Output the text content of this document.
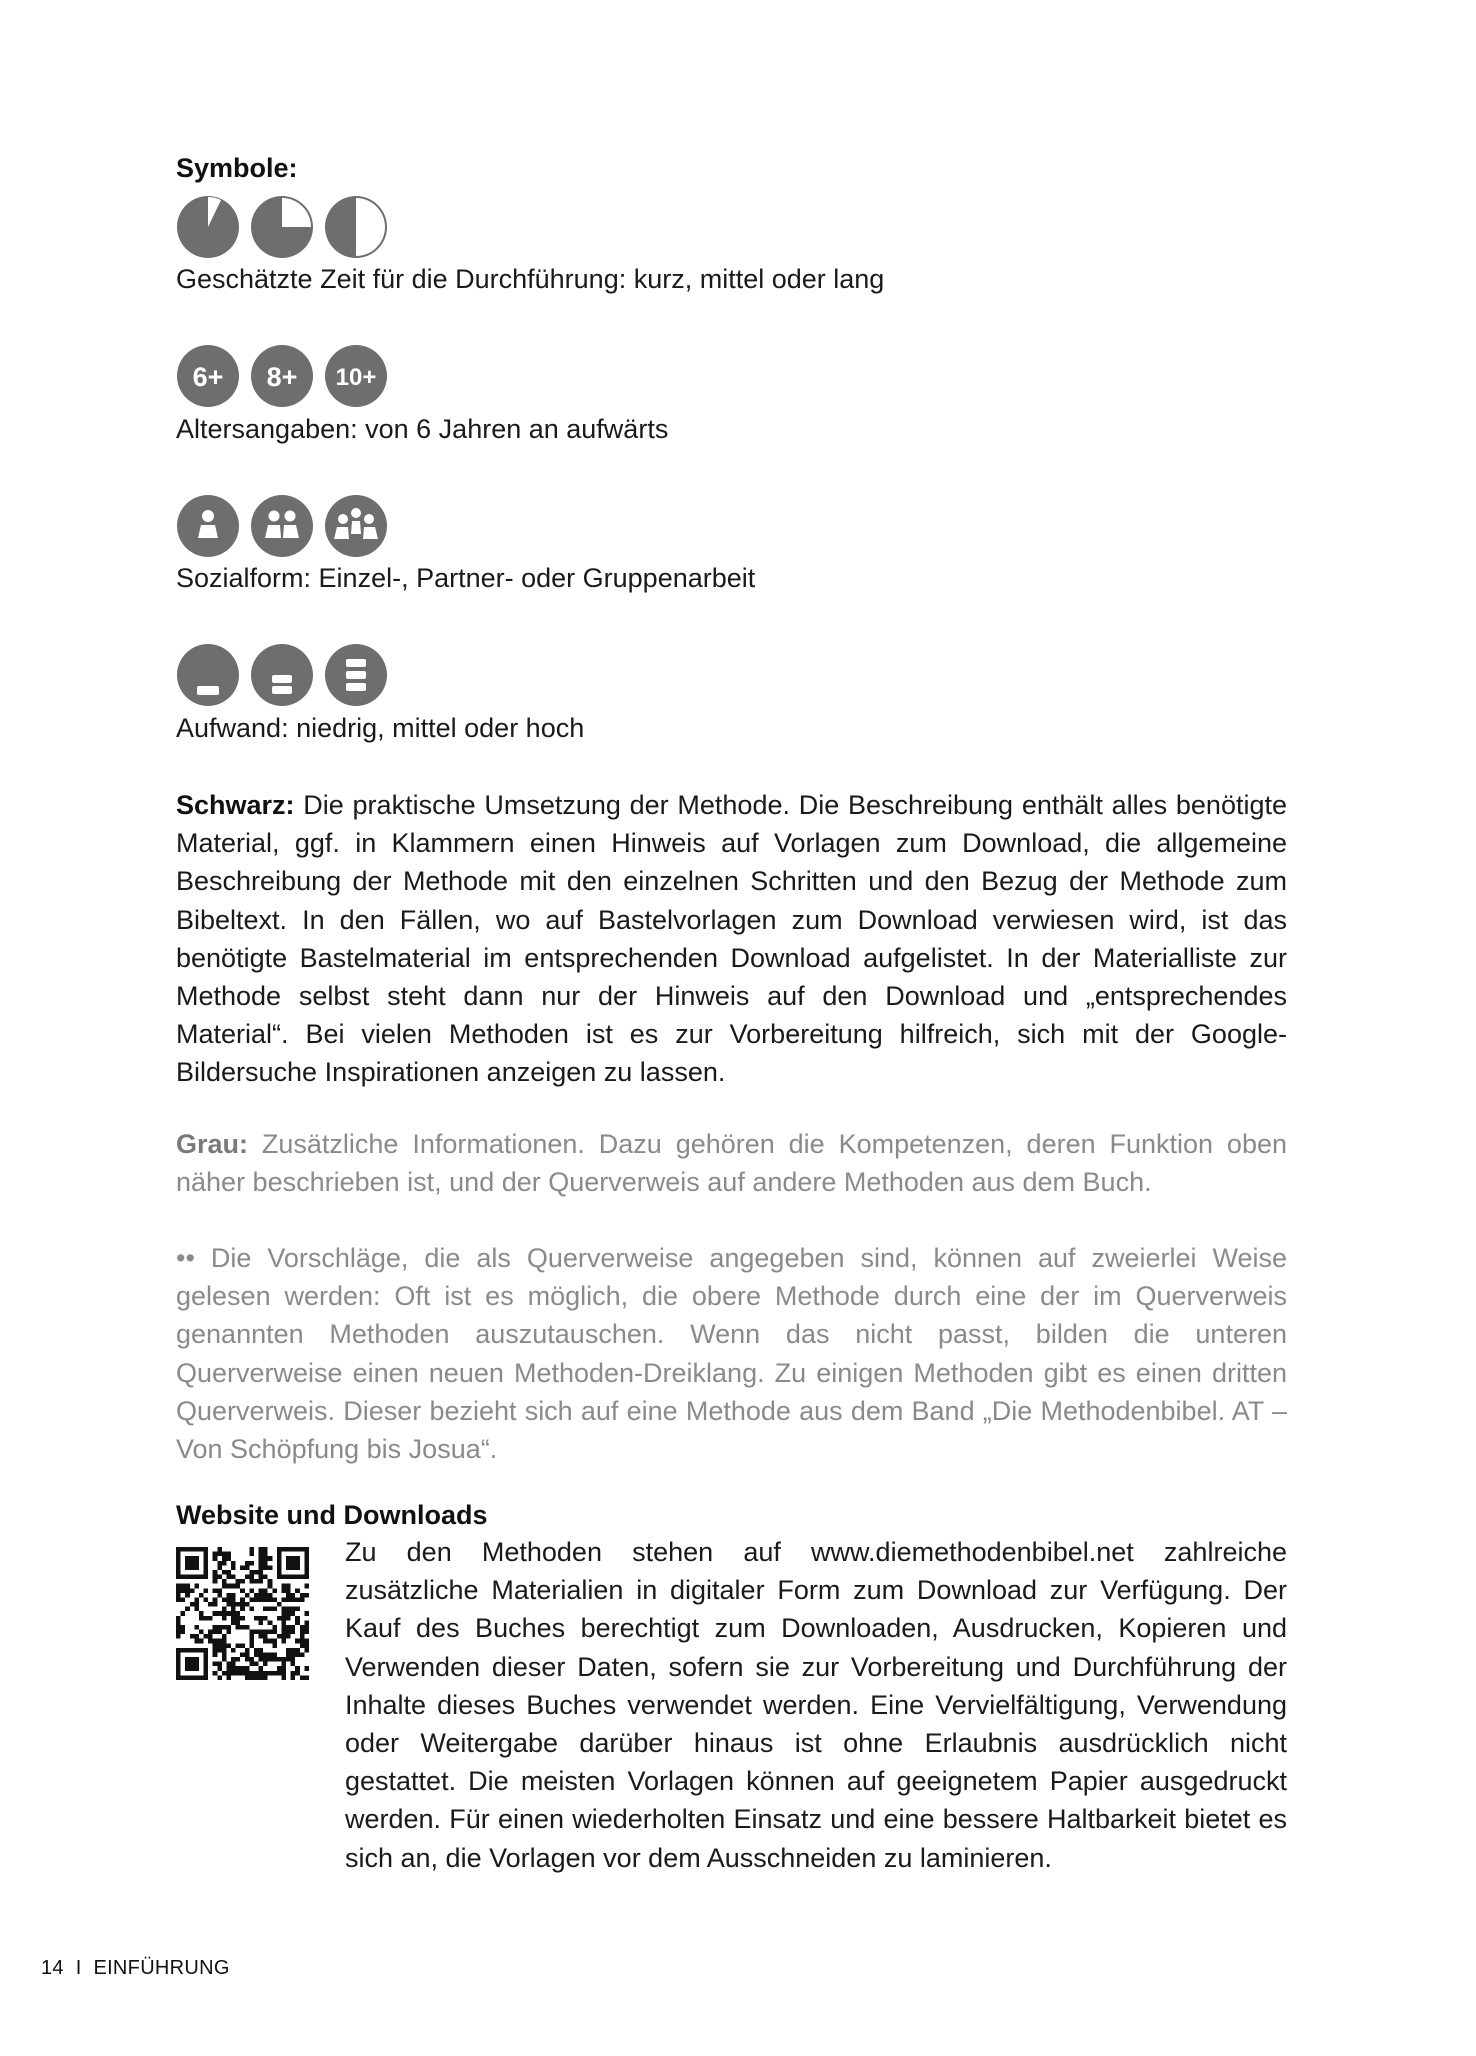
Symbole:
Geschätzte Zeit für die Durchführung: kurz, mittel oder lang
6+ 8+ 10+
Altersangaben: von 6 Jahren an aufwärts
Sozialform: Einzel-, Partner- oder Gruppenarbeit
Aufwand: niedrig, mittel oder hoch

Schwarz: Die praktische Umsetzung der Methode. Die Beschreibung enthält alles benötigte Material, ggf. in Klammern einen Hinweis auf Vorlagen zum Download, die allgemeine Beschreibung der Methode mit den einzelnen Schritten und den Bezug der Methode zum Bibeltext. In den Fällen, wo auf Bastelvorlagen zum Download verwiesen wird, ist das benötigte Bastelmaterial im entsprechenden Download aufgelistet. In der Materialliste zur Methode selbst steht dann nur der Hinweis auf den Download und „entsprechendes Material“. Bei vielen Methoden ist es zur Vorbereitung hilfreich, sich mit der Google-Bildersuche Inspirationen anzeigen zu lassen.

Grau: Zusätzliche Informationen. Dazu gehören die Kompetenzen, deren Funktion oben näher beschrieben ist, und der Querverweis auf andere Methoden aus dem Buch.

•• Die Vorschläge, die als Querverweise angegeben sind, können auf zweierlei Weise gelesen werden: Oft ist es möglich, die obere Methode durch eine der im Querverweis genannten Methoden auszutauschen. Wenn das nicht passt, bilden die unteren Querverweise einen neuen Methoden-Dreiklang. Zu einigen Methoden gibt es einen dritten Querverweis. Dieser bezieht sich auf eine Methode aus dem Band „Die Methodenbibel. AT – Von Schöpfung bis Josua“.

Website und Downloads

Zu den Methoden stehen auf www.diemethodenbibel.net zahlreiche zusätzliche Materialien in digitaler Form zum Download zur Verfügung. Der Kauf des Buches berechtigt zum Downloaden, Ausdrucken, Kopieren und Verwenden dieser Daten, sofern sie zur Vorbereitung und Durchführung der Inhalte dieses Buches verwendet werden. Eine Vervielfältigung, Verwendung oder Weitergabe darüber hinaus ist ohne Erlaubnis ausdrücklich nicht gestattet. Die meisten Vorlagen können auf geeignetem Papier ausgedruckt werden. Für einen wiederholten Einsatz und eine bessere Haltbarkeit bietet es sich an, die Vorlagen vor dem Ausschneiden zu laminieren.

14 I EINFÜHRUNG
